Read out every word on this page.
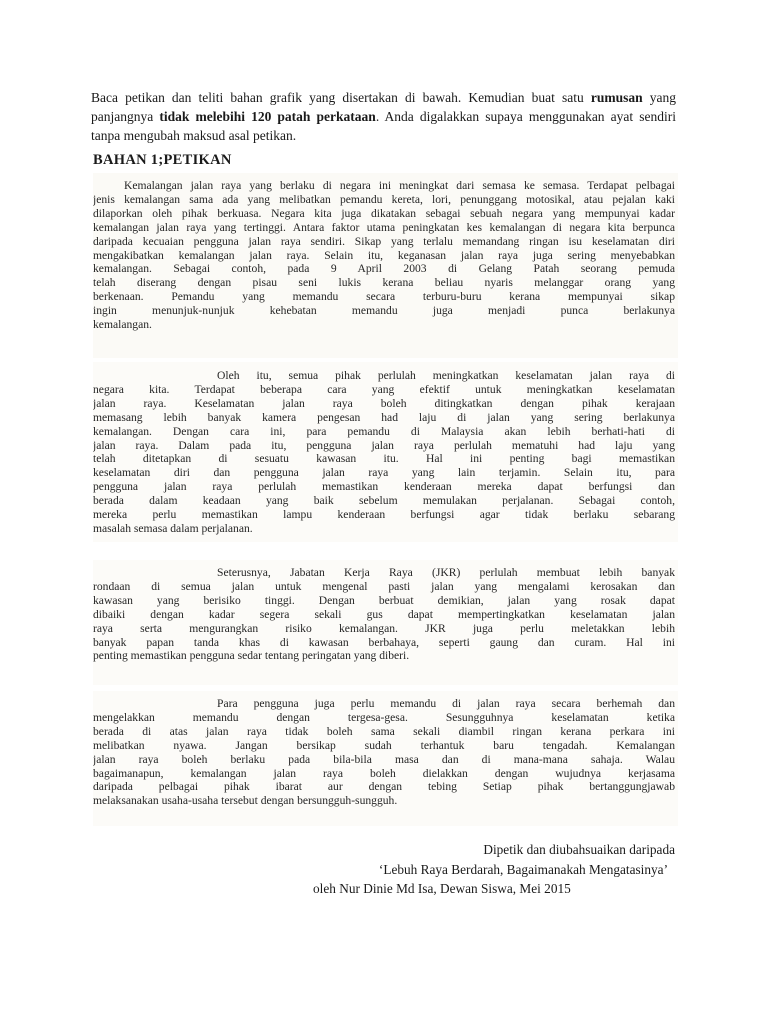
Baca petikan dan teliti bahan grafik yang disertakan di bawah. Kemudian buat satu rumusan yang panjangnya tidak melebihi 120 patah perkataan. Anda digalakkan supaya menggunakan ayat sendiri tanpa mengubah maksud asal petikan.

BAHAN 1;PETIKAN
Kemalangan jalan raya yang berlaku di negara ini meningkat dari semasa ke semasa. Terdapat pelbagai
jenis kemalangan sama ada yang melibatkan pemandu kereta, lori, penunggang motosikal, atau pejalan kaki
dilaporkan oleh pihak berkuasa. Negara kita juga dikatakan sebagai sebuah negara yang mempunyai kadar
kemalangan jalan raya yang tertinggi. Antara faktor utama peningkatan kes kemalangan di negara kita berpunca
daripada kecuaian pengguna jalan raya sendiri. Sikap yang terlalu memandang ringan isu keselamatan diri
mengakibatkan kemalangan jalan raya. Selain itu, keganasan jalan raya juga sering menyebabkan
kemalangan. Sebagai contoh, pada 9 April 2003 di Gelang Patah seorang pemuda
telah diserang dengan pisau seni lukis kerana beliau nyaris melanggar orang yang
berkenaan. Pemandu yang memandu secara terburu-buru kerana mempunyai sikap
ingin menunjuk-nunjuk kehebatan memandu juga menjadi punca berlakunya
kemalangan.
Oleh itu, semua pihak perlulah meningkatkan keselamatan jalan raya di
negara kita. Terdapat beberapa cara yang efektif untuk meningkatkan keselamatan
jalan raya. Keselamatan jalan raya boleh ditingkatkan dengan pihak kerajaan
memasang lebih banyak kamera pengesan had laju di jalan yang sering berlakunya
kemalangan. Dengan cara ini, para pemandu di Malaysia akan lebih berhati-hati di
jalan raya. Dalam pada itu, pengguna jalan raya perlulah mematuhi had laju yang
telah ditetapkan di sesuatu kawasan itu. Hal ini penting bagi memastikan
keselamatan diri dan pengguna jalan raya yang lain terjamin. Selain itu, para
pengguna jalan raya perlulah memastikan kenderaan mereka dapat berfungsi dan
berada dalam keadaan yang baik sebelum memulakan perjalanan. Sebagai contoh,
mereka perlu memastikan lampu kenderaan berfungsi agar tidak berlaku sebarang
masalah semasa dalam perjalanan.
Seterusnya, Jabatan Kerja Raya (JKR) perlulah membuat lebih banyak
rondaan di semua jalan untuk mengenal pasti jalan yang mengalami kerosakan dan
kawasan yang berisiko tinggi. Dengan berbuat demikian, jalan yang rosak dapat
dibaiki dengan kadar segera sekali gus dapat mempertingkatkan keselamatan jalan
raya serta mengurangkan risiko kemalangan. JKR juga perlu meletakkan lebih
banyak papan tanda khas di kawasan berbahaya, seperti gaung dan curam. Hal ini
penting memastikan pengguna sedar tentang peringatan yang diberi.
Para pengguna juga perlu memandu di jalan raya secara berhemah dan
mengelakkan memandu dengan tergesa-gesa. Sesungguhnya keselamatan ketika
berada di atas jalan raya tidak boleh sama sekali diambil ringan kerana perkara ini
melibatkan nyawa. Jangan bersikap sudah terhantuk baru tengadah. Kemalangan
jalan raya boleh berlaku pada bila-bila masa dan di mana-mana sahaja. Walau
bagaimanapun, kemalangan jalan raya boleh dielakkan dengan wujudnya kerjasama
daripada pelbagai pihak ibarat aur dengan tebing Setiap pihak bertanggungjawab
melaksanakan usaha-usaha tersebut dengan bersungguh-sungguh.
Dipetik dan diubahsuaikan daripada
‘Lebuh Raya Berdarah, Bagaimanakah Mengatasinya’
oleh Nur Dinie Md Isa, Dewan Siswa, Mei 2015
